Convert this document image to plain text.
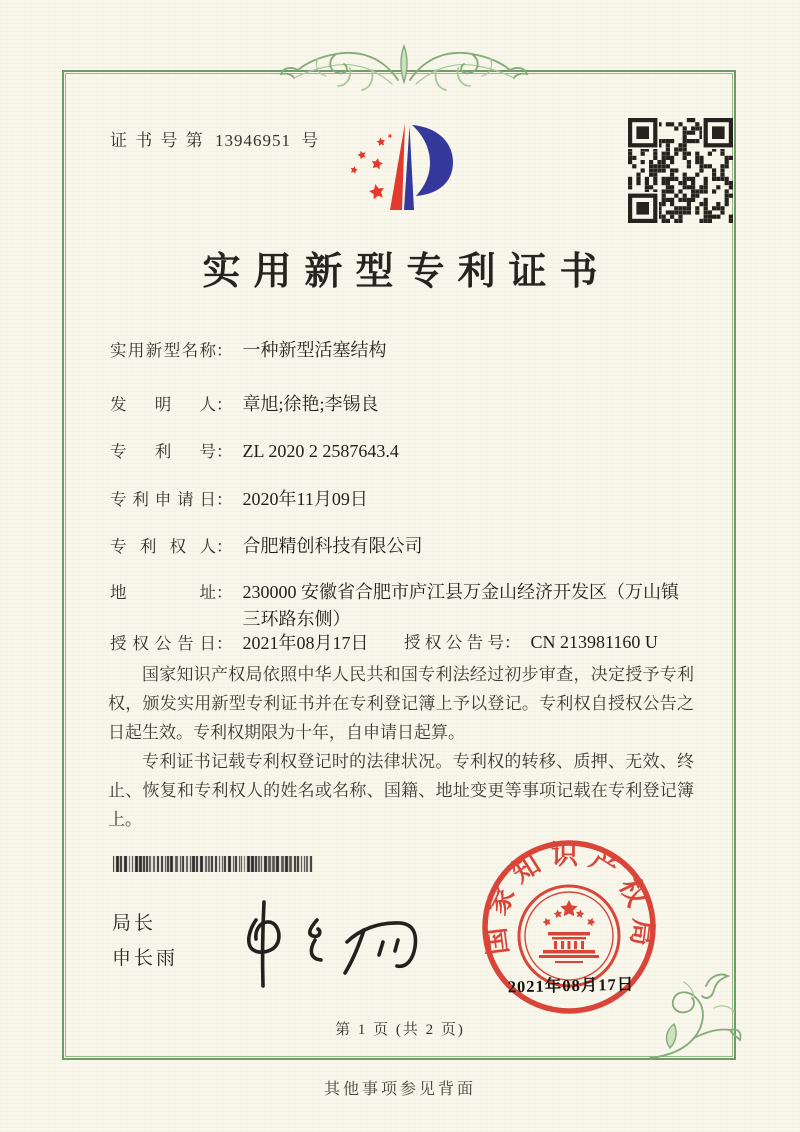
证 书 号 第 13946951 号
实用新型专利证书
实用新型名称： 一种新型活塞结构
发明人： 章旭;徐艳;李锡良
专利号： ZL 2020 2 2587643.4
专利申请日： 2020年11月09日
专利权人： 合肥精创科技有限公司
地址： 230000 安徽省合肥市庐江县万金山经济开发区（万山镇三环路东侧）
授权公告日： 2021年08月17日 授权公告号： CN 213981160 U

国家知识产权局依照中华人民共和国专利法经过初步审查，决定授予专利权，颁发实用新型专利证书并在专利登记簿上予以登记。专利权自授权公告之日起生效。专利权期限为十年，自申请日起算。

专利证书记载专利权登记时的法律状况。专利权的转移、质押、无效、终止、恢复和专利权人的姓名或名称、国籍、地址变更等事项记载在专利登记簿上。

局长
申长雨
国家知识产权局
2021年08月17日
第 1 页 (共 2 页)
其他事项参见背面
